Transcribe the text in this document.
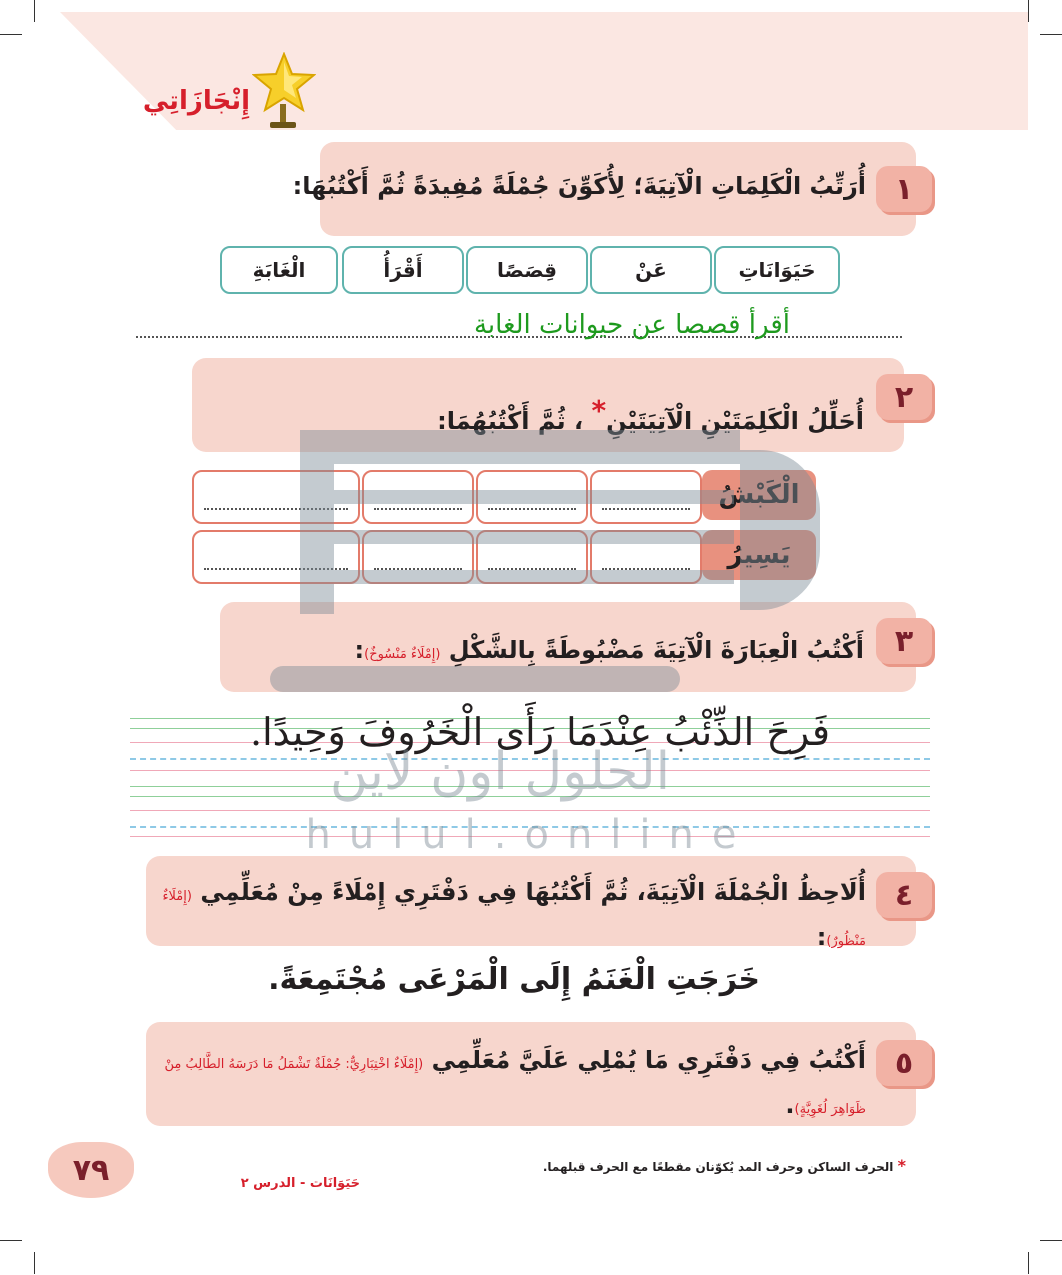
إِنْجَازَاتِي
١
أُرَتِّبُ الْكَلِمَاتِ الْآتِيَةَ؛ لِأُكَوِّنَ جُمْلَةً مُفِيدَةً ثُمَّ أَكْتُبُهَا:
حَيَوَانَاتِ
عَنْ
قِصَصًا
أَقْرَأُ
الْغَابَةِ
أقرأ قصصا عن حيوانات الغابة
٢
أُحَلِّلُ الْكَلِمَتَيْنِ الْآتِيَتَيْنِ* ، ثُمَّ أَكْتُبُهُمَا:
الْكَبْشُ
يَسِيرُ
٣
أَكْتُبُ الْعِبَارَةَ الْآتِيَةَ مَضْبُوطَةً بِالشَّكْلِ (إِمْلَاءٌ مَنْسُوخٌ):
فَرِحَ الذِّئْبُ عِنْدَمَا رَأَى الْخَرُوفَ وَحِيدًا.
٤
أُلَاحِظُ الْجُمْلَةَ الْآتِيَةَ، ثُمَّ أَكْتُبُهَا فِي دَفْتَرِي إِمْلَاءً مِنْ مُعَلِّمِي (إِمْلَاءٌ مَنْظُورٌ):
خَرَجَتِ الْغَنَمُ إِلَى الْمَرْعَى مُجْتَمِعَةً.
٥
أَكْتُبُ فِي دَفْتَرِي مَا يُمْلِي عَلَيَّ مُعَلِّمِي (إِمْلَاءٌ اخْتِبَارِيٌّ: جُمْلَةٌ تَشْمَلُ مَا دَرَسَهُ الطَّالِبُ مِنْ ظَوَاهِرَ لُغَوِيَّةٍ).
* الحرف الساكن وحرف المد يُكوّنان مقطعًا مع الحرف قبلهما.
حَيَوَانَات - الدرس ٢
٧٩
الحلول اون لاين
hulul.online
